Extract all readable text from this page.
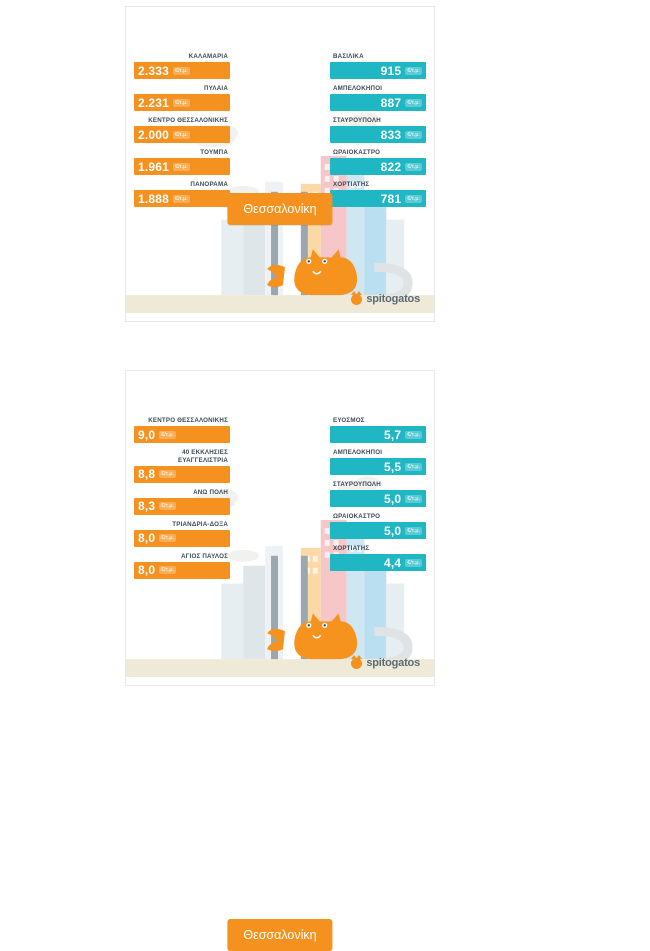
ΚΑΛΑΜΑΡΙΑ
2.333	€/τ.μ.
ΠΥΛΑΙΑ
2.231	€/τ.μ.
ΚΕΝΤΡΟ ΘΕΣΣΑΛΟΝΙΚΗΣ
2.000	€/τ.μ.
ΤΟΥΜΠΑ
1.961	€/τ.μ.
ΠΑΝΟΡΑΜΑ
1.888	€/τ.μ.
ΒΑΣΙΛΙΚΑ
915	€/τ.μ.
ΑΜΠΕΛΟΚΗΠΟΙ
887	€/τ.μ.
ΣΤΑΥΡΟΥΠΟΛΗ
833	€/τ.μ.
ΩΡΑΙΟΚΑΣΤΡΟ
822	€/τ.μ.
ΧΟΡΤΙΑΤΗΣ
781	€/τ.μ.
Θεσσαλονίκη
spitogatos

ΚΕΝΤΡΟ ΘΕΣΣΑΛΟΝΙΚΗΣ
9,0	€/τ.μ.
40 ΕΚΚΛΗΣΙΕΣ ΕΥΑΓΓΕΛΙΣΤΡΙΑ
8,8	€/τ.μ.
ΑΝΩ ΠΟΛΗ
8,3	€/τ.μ.
ΤΡΙΑΝΔΡΙΑ-ΔΟΞΑ
8,0	€/τ.μ.
ΑΓΙΟΣ ΠΑΥΛΟΣ
8,0	€/τ.μ.
ΕΥΟΣΜΟΣ
5,7	€/τ.μ.
ΑΜΠΕΛΟΚΗΠΟΙ
5,5	€/τ.μ.
ΣΤΑΥΡΟΥΠΟΛΗ
5,0	€/τ.μ.
ΩΡΑΙΟΚΑΣΤΡΟ
5,0	€/τ.μ.
ΧΟΡΤΙΑΤΗΣ
4,4	€/τ.μ.
Θεσσαλονίκη
spitogatos
